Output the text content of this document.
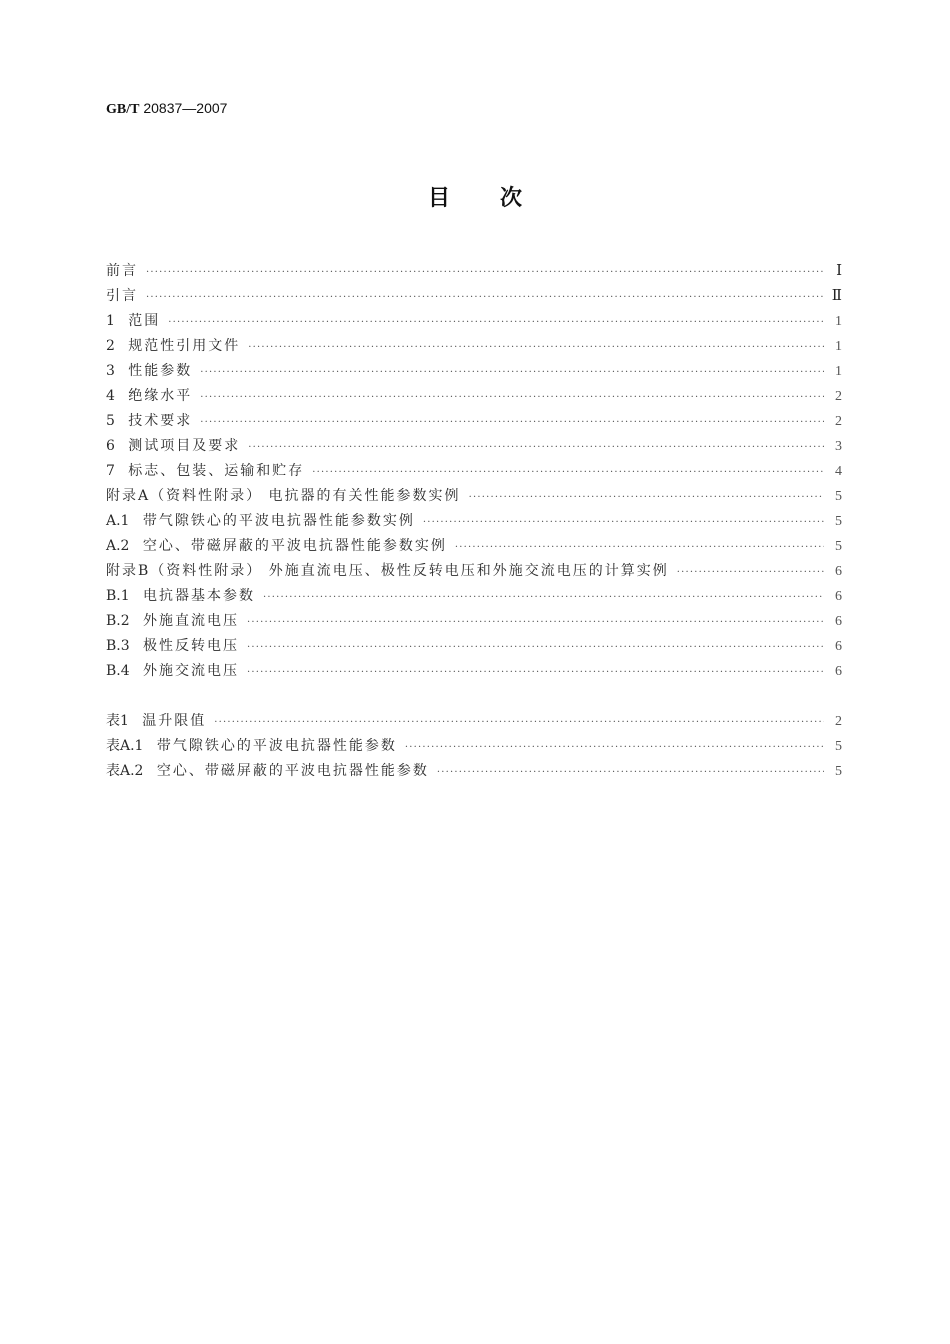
GB/T 20837—2007
目 次
前言 ·····	Ⅰ
引言 ·····	Ⅱ
1 范围 ·····	1
2 规范性引用文件 ·····	1
3 性能参数 ·····	1
4 绝缘水平 ·····	2
5 技术要求 ·····	2
6 测试项目及要求 ·····	3
7 标志、包装、运输和贮存 ·····	4
附录A（资料性附录） 电抗器的有关性能参数实例 ·····	5
A.1 带气隙铁心的平波电抗器性能参数实例 ·····	5
A.2 空心、带磁屏蔽的平波电抗器性能参数实例 ·····	5
附录B（资料性附录） 外施直流电压、极性反转电压和外施交流电压的计算实例 ·····	6
B.1 电抗器基本参数 ·····	6
B.2 外施直流电压 ·····	6
B.3 极性反转电压 ·····	6
B.4 外施交流电压 ·····	6
表1 温升限值 ·····	2
表A.1 带气隙铁心的平波电抗器性能参数 ·····	5
表A.2 空心、带磁屏蔽的平波电抗器性能参数 ·····	5
